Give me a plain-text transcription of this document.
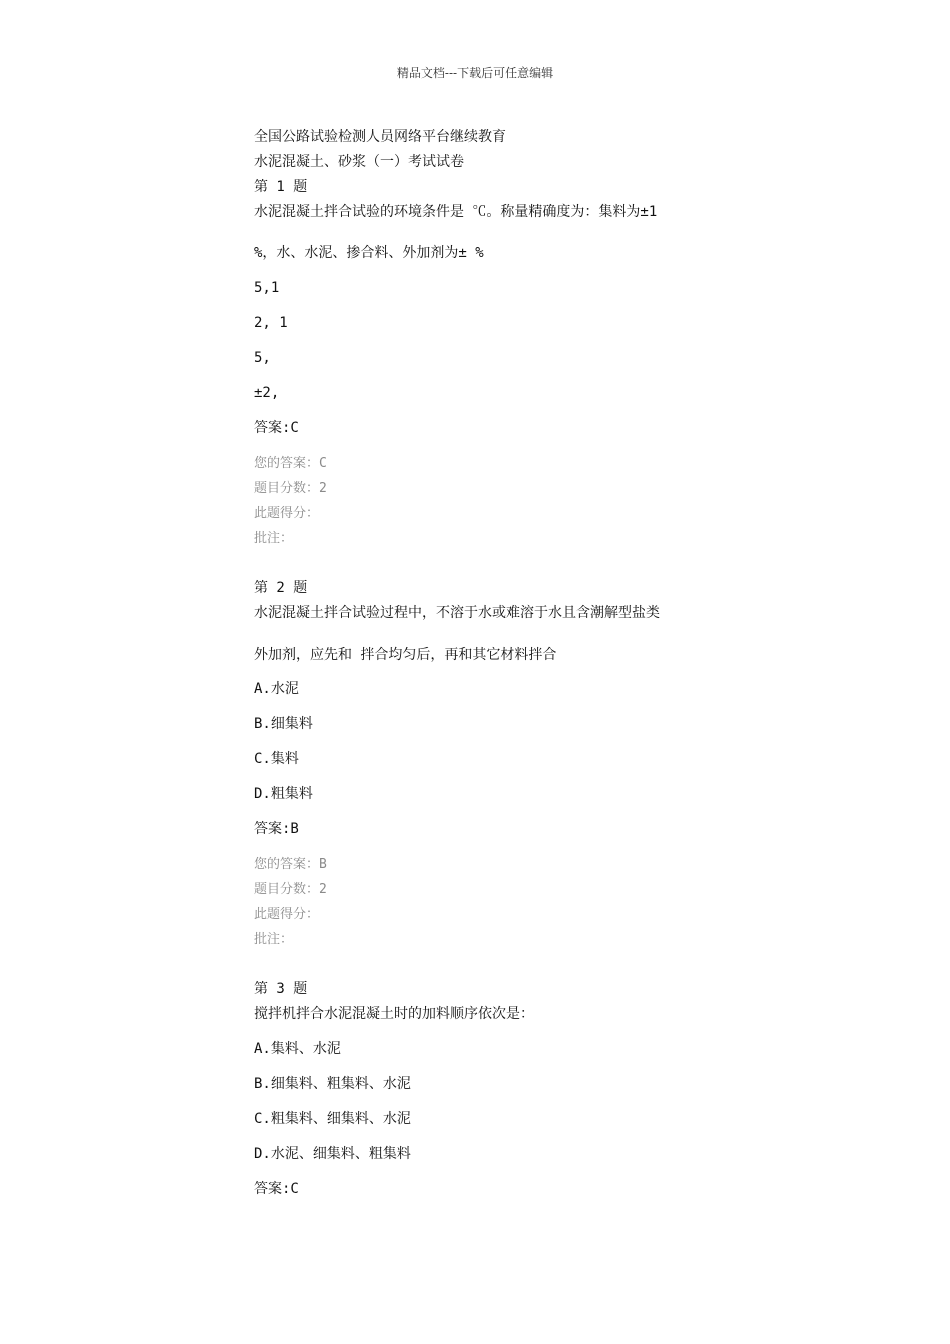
精品文档---下载后可任意编辑
全国公路试验检测人员网络平台继续教育
水泥混凝土、砂浆（一）考试试卷
第 1 题
水泥混凝土拌合试验的环境条件是 ℃。称量精确度为：集料为±1
%，水、水泥、掺合料、外加剂为± %
5,1
2, 1
5,
±2,
答案:C
您的答案：C
题目分数：2
此题得分：
批注：
第 2 题
水泥混凝土拌合试验过程中，不溶于水或难溶于水且含潮解型盐类
外加剂，应先和 拌合均匀后，再和其它材料拌合
A.水泥
B.细集料
C.集料
D.粗集料
答案:B
您的答案：B
题目分数：2
此题得分：
批注：
第 3 题
搅拌机拌合水泥混凝土时的加料顺序依次是：
A.集料、水泥
B.细集料、粗集料、水泥
C.粗集料、细集料、水泥
D.水泥、细集料、粗集料
答案:C
